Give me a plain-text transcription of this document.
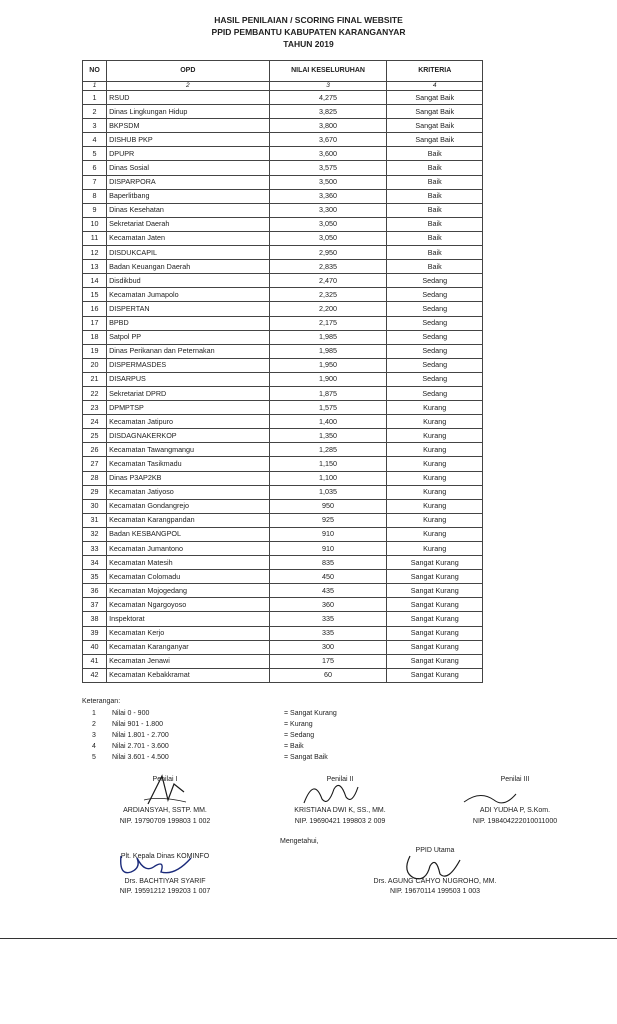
HASIL PENILAIAN / SCORING FINAL WEBSITE
PPID PEMBANTU KABUPATEN KARANGANYAR
TAHUN 2019
NO	OPD	NILAI KESELURUHAN	KRITERIA
1	2	3	4
1	RSUD	4,275	Sangat Baik
2	Dinas Lingkungan Hidup	3,825	Sangat Baik
3	BKPSDM	3,800	Sangat Baik
4	DISHUB PKP	3,670	Sangat Baik
5	DPUPR	3,600	Baik
6	Dinas Sosial	3,575	Baik
7	DISPARPORA	3,500	Baik
8	Baperlitbang	3,360	Baik
9	Dinas Kesehatan	3,300	Baik
10	Sekretariat Daerah	3,050	Baik
11	Kecamatan Jaten	3,050	Baik
12	DISDUKCAPIL	2,950	Baik
13	Badan Keuangan Daerah	2,835	Baik
14	Disdikbud	2,470	Sedang
15	Kecamatan Jumapolo	2,325	Sedang
16	DISPERTAN	2,200	Sedang
17	BPBD	2,175	Sedang
18	Satpol PP	1,985	Sedang
19	Dinas Perikanan dan Peternakan	1,985	Sedang
20	DISPERMASDES	1,950	Sedang
21	DISARPUS	1,900	Sedang
22	Sekretariat DPRD	1,875	Sedang
23	DPMPTSP	1,575	Kurang
24	Kecamatan Jatipuro	1,400	Kurang
25	DISDAGNAKERKOP	1,350	Kurang
26	Kecamatan Tawangmangu	1,285	Kurang
27	Kecamatan Tasikmadu	1,150	Kurang
28	Dinas P3AP2KB	1,100	Kurang
29	Kecamatan Jatiyoso	1,035	Kurang
30	Kecamatan Gondangrejo	950	Kurang
31	Kecamatan Karangpandan	925	Kurang
32	Badan KESBANGPOL	910	Kurang
33	Kecamatan Jumantono	910	Kurang
34	Kecamatan Matesih	835	Sangat Kurang
35	Kecamatan Colomadu	450	Sangat Kurang
36	Kecamatan Mojogedang	435	Sangat Kurang
37	Kecamatan Ngargoyoso	360	Sangat Kurang
38	Inspektorat	335	Sangat Kurang
39	Kecamatan Kerjo	335	Sangat Kurang
40	Kecamatan Karanganyar	300	Sangat Kurang
41	Kecamatan Jenawi	175	Sangat Kurang
42	Kecamatan Kebakkramat	60	Sangat Kurang
Keterangan:
1 Nilai 0 - 900	= Sangat Kurang
2 Nilai 901 - 1.800	= Kurang
3 Nilai 1.801 - 2.700	= Sedang
4 Nilai 2.701 - 3.600	= Baik
5 Nilai 3.601 - 4.500	= Sangat Baik
Penilai I
ARDIANSYAH, SSTP. MM.
NIP. 19790709 199803 1 002
Penilai II
KRISTIANA DWI K, SS., MM.
NIP. 19690421 199803 2 009
Penilai III
ADI YUDHA P, S.Kom.
NIP. 198404222010011000
Mengetahui,
Plt. Kepala Dinas KOMINFO
Drs. BACHTIYAR SYARIF
NIP. 19591212 199203 1 007
PPID Utama
Drs. AGUNG CAHYO NUGROHO, MM.
NIP. 19670114 199503 1 003
